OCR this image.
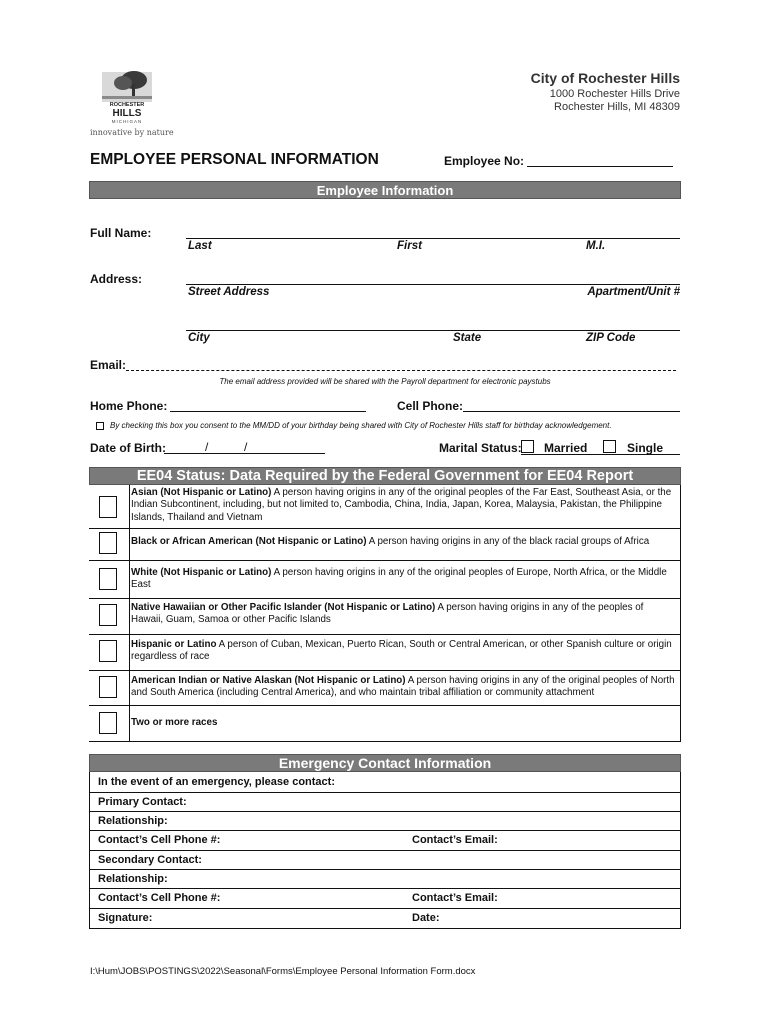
ROCHESTER
HILLS
MICHIGAN
innovative by nature
City of Rochester Hills
1000 Rochester Hills Drive
Rochester Hills, MI 48309
EMPLOYEE PERSONAL INFORMATION	Employee No:
Employee Information
Full Name:
Last	First	M.I.
Address:
Street Address	Apartment/Unit #
City	State	ZIP Code
Email:
The email address provided will be shared with the Payroll department for electronic paystubs
Home Phone:	Cell Phone:
By checking this box you consent to the MM/DD of your birthday being shared with City of Rochester Hills staff for birthday acknowledgement.
Date of Birth:	/	/	Marital Status: Married	Single
EE04 Status: Data Required by the Federal Government for EE04 Report
Asian (Not Hispanic or Latino) A person having origins in any of the original peoples of the Far East, Southeast Asia, or the Indian Subcontinent, including, but not limited to, Cambodia, China, India, Japan, Korea, Malaysia, Pakistan, the Philippine Islands, Thailand and Vietnam
Black or African American (Not Hispanic or Latino) A person having origins in any of the black racial groups of Africa
White (Not Hispanic or Latino) A person having origins in any of the original peoples of Europe, North Africa, or the Middle East
Native Hawaiian or Other Pacific Islander (Not Hispanic or Latino) A person having origins in any of the peoples of Hawaii, Guam, Samoa or other Pacific Islands
Hispanic or Latino A person of Cuban, Mexican, Puerto Rican, South or Central American, or other Spanish culture or origin regardless of race
American Indian or Native Alaskan (Not Hispanic or Latino) A person having origins in any of the original peoples of North and South America (including Central America), and who maintain tribal affiliation or community attachment
Two or more races
Emergency Contact Information
In the event of an emergency, please contact:
Primary Contact:
Relationship:
Contact’s Cell Phone #:	Contact’s Email:
Secondary Contact:
Relationship:
Contact’s Cell Phone #:	Contact’s Email:
Signature:	Date:
I:\Hum\JOBS\POSTINGS\2022\Seasonal\Forms\Employee Personal Information Form.docx
